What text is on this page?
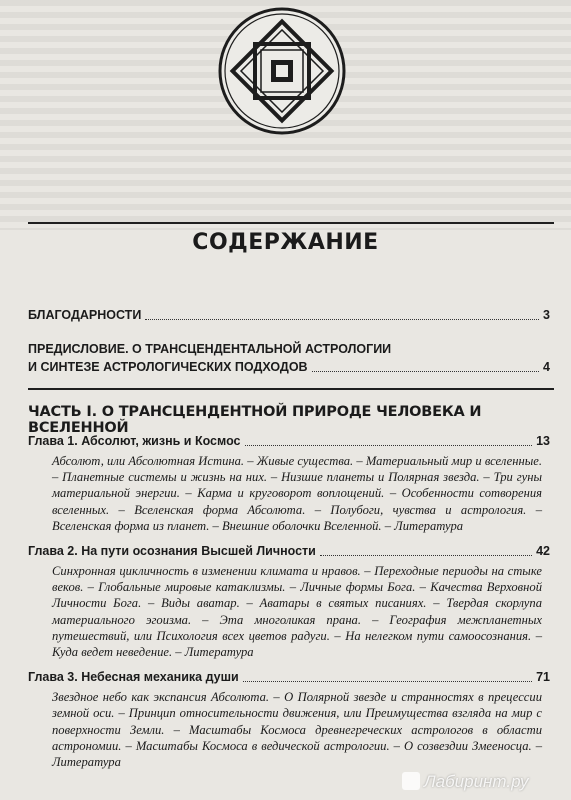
СОДЕРЖАНИЕ
БЛАГОДАРНОСТИ	3
ПРЕДИСЛОВИЕ. О ТРАНСЦЕНДЕНТАЛЬНОЙ АСТРОЛОГИИ
И СИНТЕЗЕ АСТРОЛОГИЧЕСКИХ ПОДХОДОВ	4
ЧАСТЬ I. О ТРАНСЦЕНДЕНТНОЙ ПРИРОДЕ ЧЕЛОВЕКА И ВСЕЛЕННОЙ
Глава 1. Абсолют, жизнь и Космос	13
Абсолют, или Абсолютная Истина. – Живые существа. – Материальный мир и вселенные. – Планетные системы и жизнь на них. – Низшие планеты и Полярная звезда. – Три гуны материальной энергии. – Карма и круговорот воплощений. – Особенности сотворения вселенных. – Вселенская форма Абсолюта. – Полубоги, чувства и астрология. – Вселенская форма из планет. – Внешние оболочки Вселенной. – Литература
Глава 2. На пути осознания Высшей Личности	42
Синхронная цикличность в изменении климата и нравов. – Переходные периоды на стыке веков. – Глобальные мировые катаклизмы. – Личные формы Бога. – Качества Верховной Личности Бога. – Виды аватар. – Аватары в святых писаниях. – Твердая скорлупа материального эгоизма. – Эта многоликая прана. – География межпланетных путешествий, или Психология всех цветов радуги. – На нелегком пути самоосознания. – Куда ведет неведение. – Литература
Глава 3. Небесная механика души	71
Звездное небо как экспансия Абсолюта. – О Полярной звезде и странностях в прецессии земной оси. – Принцип относительности движения, или Преимущества взгляда на мир с поверхности Земли. – Масштабы Космоса древнегреческих астрологов в области астрономии. – Масштабы Космоса в ведической астрологии. – О созвездии Змееносца. – Литература
Лабиринт.ру
